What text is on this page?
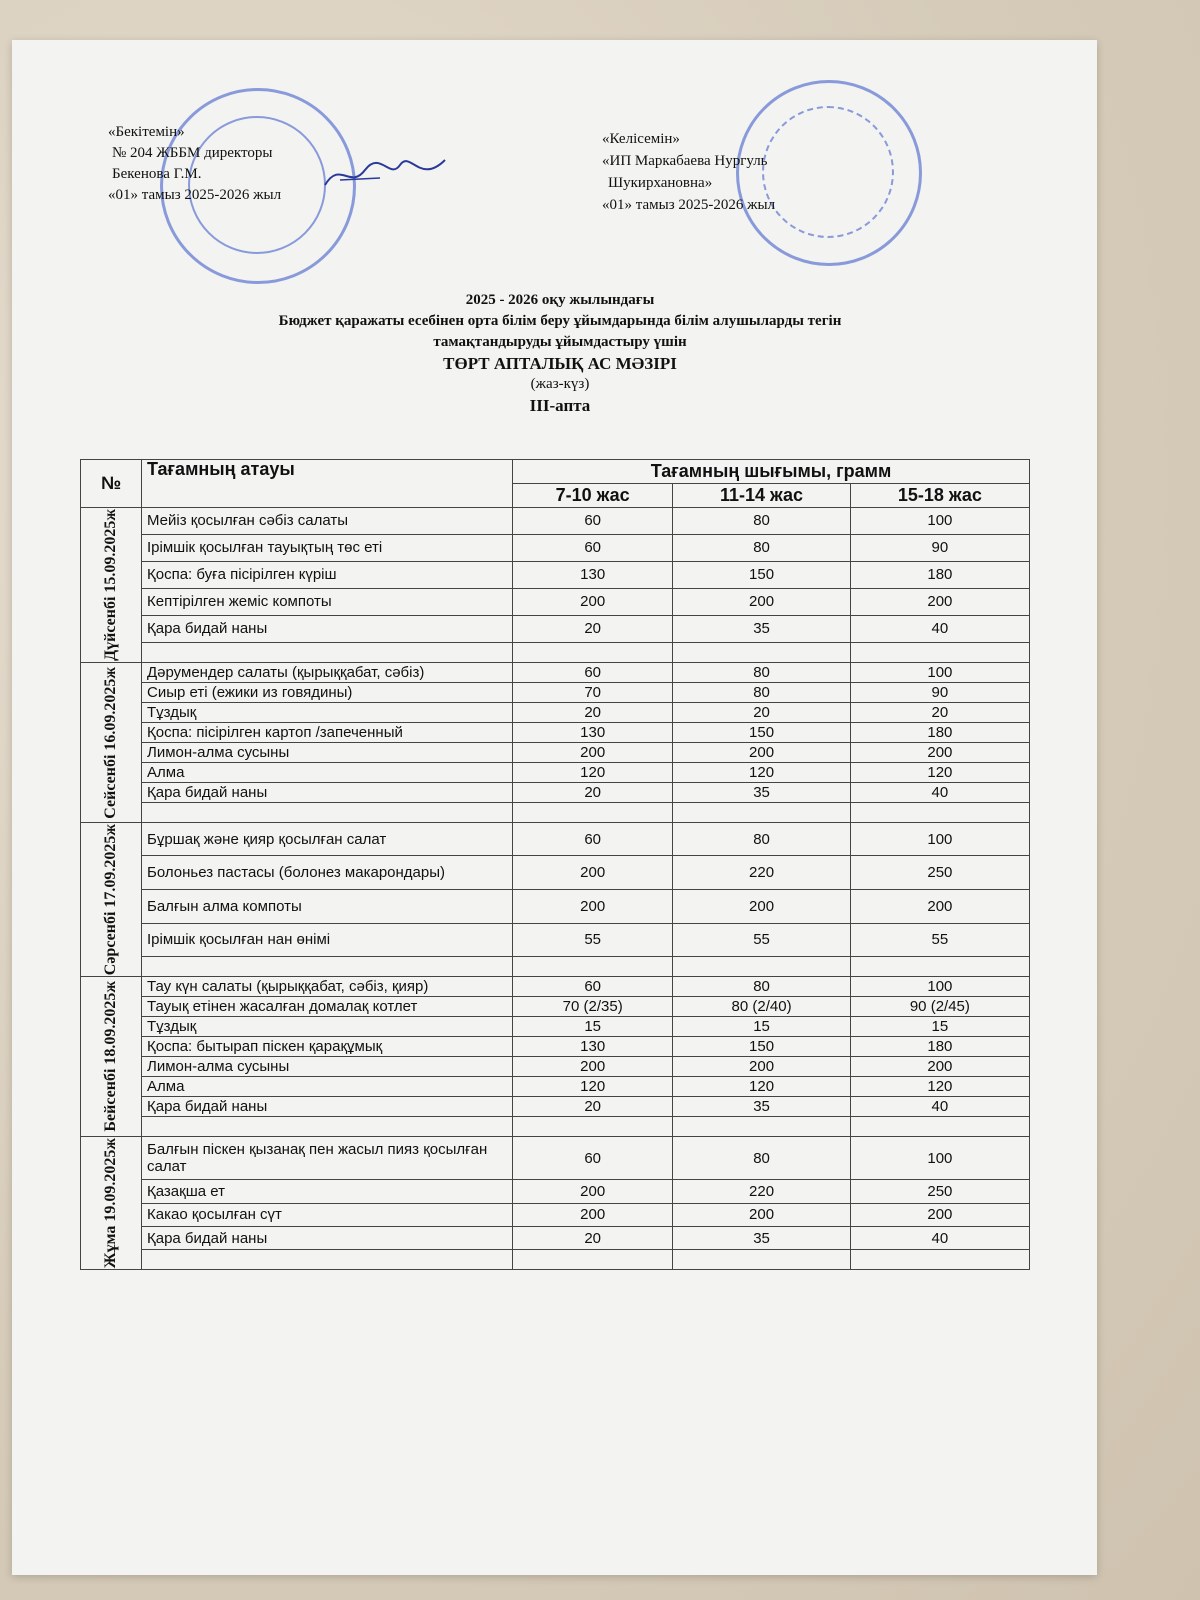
«Бекітемін»
№ 204 ЖББМ директоры
Бекенова Г.М.
«01» тамыз 2025-2026 жыл
«Келісемін»
«ИП Маркабаева Нургуль
Шукирхановна»
«01» тамыз 2025-2026 жыл
2025 - 2026 оқу жылындағы
Бюджет қаражаты есебінен орта білім беру ұйымдарында білім алушыларды тегін
тамақтандыруды ұйымдастыру үшін
ТӨРТ АПТАЛЫҚ АС МӘЗІРІ
(жаз-күз)
III-апта
№	Тағамның атауы	Тағамның шығымы, грамм		
		7-10 жас	11-14 жас	15-18 жас

Дүйсенбі 15.09.2025ж	Мейіз қосылған сәбіз салаты	60	80	100
	Ірімшік қосылған тауықтың төс еті	60	80	90
	Қоспа: буға пісірілген күріш	130	150	180
	Кептірілген жеміс компоты	200	200	200
	Қара бидай наны	20	35	40

Сейсенбі 16.09.2025ж	Дәрумендер салаты (қырыққабат, сәбіз)	60	80	100
	Сиыр еті (ежики из говядины)	70	80	90
	Тұздық	20	20	20
	Қоспа: пісірілген картоп /запеченный	130	150	180
	Лимон-алма сусыны	200	200	200
	Алма	120	120	120
	Қара бидай наны	20	35	40

Сәрсенбі 17.09.2025ж	Бұршақ және қияр қосылған салат	60	80	100
	Болоньез пастасы (болонез макарондары)	200	220	250
	Балғын алма компоты	200	200	200
	Ірімшік қосылған нан өнімі	55	55	55

Бейсенбі 18.09.2025ж	Тау күн салаты (қырыққабат, сәбіз, қияр)	60	80	100
	Тауық етінен жасалған домалақ котлет	70 (2/35)	80 (2/40)	90 (2/45)
	Тұздық	15	15	15
	Қоспа: бытырап піскен қарақұмық	130	150	180
	Лимон-алма сусыны	200	200	200
	Алма	120	120	120
	Қара бидай наны	20	35	40

Жұма 19.09.2025ж	Балғын піскен қызанақ пен жасыл пияз қосылған салат	60	80	100
	Қазақша ет	200	220	250
	Какао қосылған сүт	200	200	200
	Қара бидай наны	20	35	40
